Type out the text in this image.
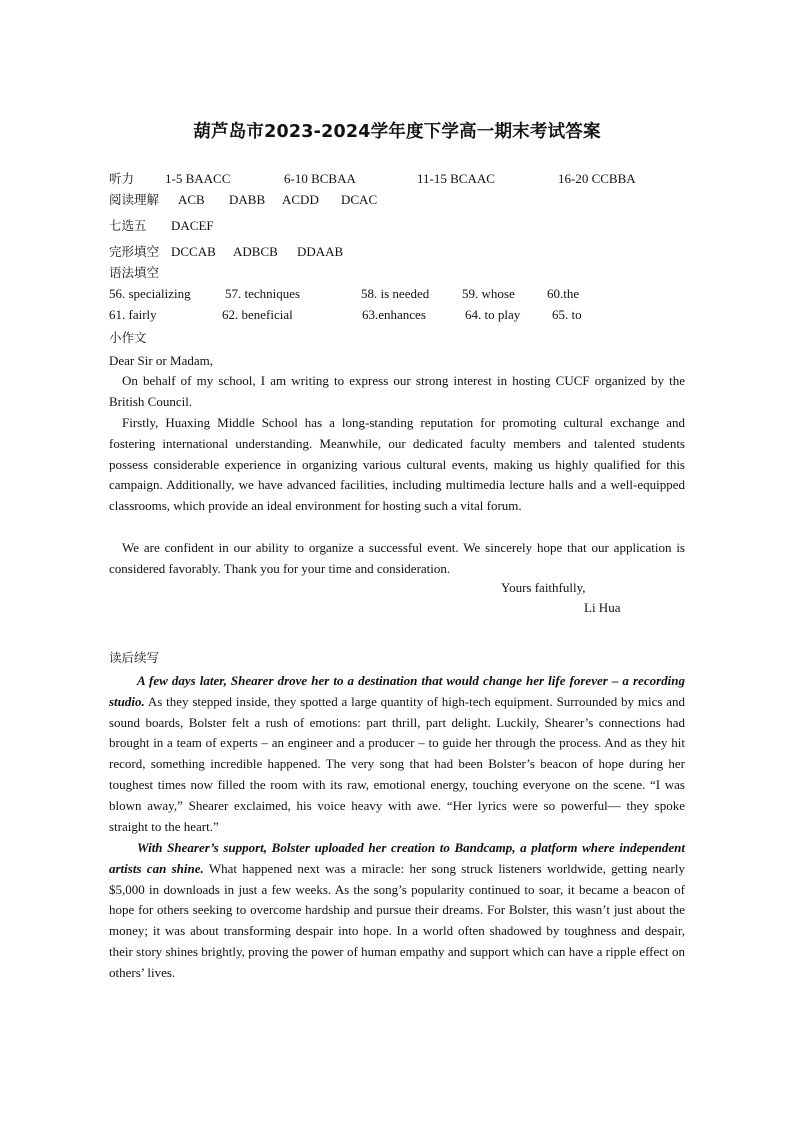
葫芦岛市2023-2024学年度下学高一期末考试答案
听力 1-5 BAACC	6-10 BCBAA	11-15 BCAAC	16-20 CCBBA
阅读理解 ACB DABB ACDD DCAC
七选五 DACEF
完形填空 DCCAB ADBCB DDAAB
语法填空
56. specializing	57. techniques	58. is needed	59. whose 60.the
61. fairly	62. beneficial	63.enhances	64. to play 65. to
小作文
Dear Sir or Madam,
On behalf of my school, I am writing to express our strong interest in hosting CUCF organized by the British Council.
Firstly, Huaxing Middle School has a long-standing reputation for promoting cultural exchange and fostering international understanding. Meanwhile, our dedicated faculty members and talented students possess considerable experience in organizing various cultural events, making us highly qualified for this campaign. Additionally, we have advanced facilities, including multimedia lecture halls and a well-equipped classrooms, which provide an ideal environment for hosting such a vital forum.
We are confident in our ability to organize a successful event. We sincerely hope that our application is considered favorably. Thank you for your time and consideration.
Yours faithfully,
Li Hua
读后续写
A few days later, Shearer drove her to a destination that would change her life forever – a recording studio. As they stepped inside, they spotted a large quantity of high-tech equipment. Surrounded by mics and sound boards, Bolster felt a rush of emotions: part thrill, part delight. Luckily, Shearer’s connections had brought in a team of experts – an engineer and a producer – to guide her through the process. And as they hit record, something incredible happened. The very song that had been Bolster’s beacon of hope during her toughest times now filled the room with its raw, emotional energy, touching everyone on the scene. “I was blown away,” Shearer exclaimed, his voice heavy with awe. “Her lyrics were so powerful— they spoke straight to the heart.”
With Shearer’s support, Bolster uploaded her creation to Bandcamp, a platform where independent artists can shine. What happened next was a miracle: her song struck listeners worldwide, getting nearly $5,000 in downloads in just a few weeks. As the song’s popularity continued to soar, it became a beacon of hope for others seeking to overcome hardship and pursue their dreams. For Bolster, this wasn’t just about the money; it was about transforming despair into hope. In a world often shadowed by toughness and despair, their story shines brightly, proving the power of human empathy and support which can have a ripple effect on others’ lives.
